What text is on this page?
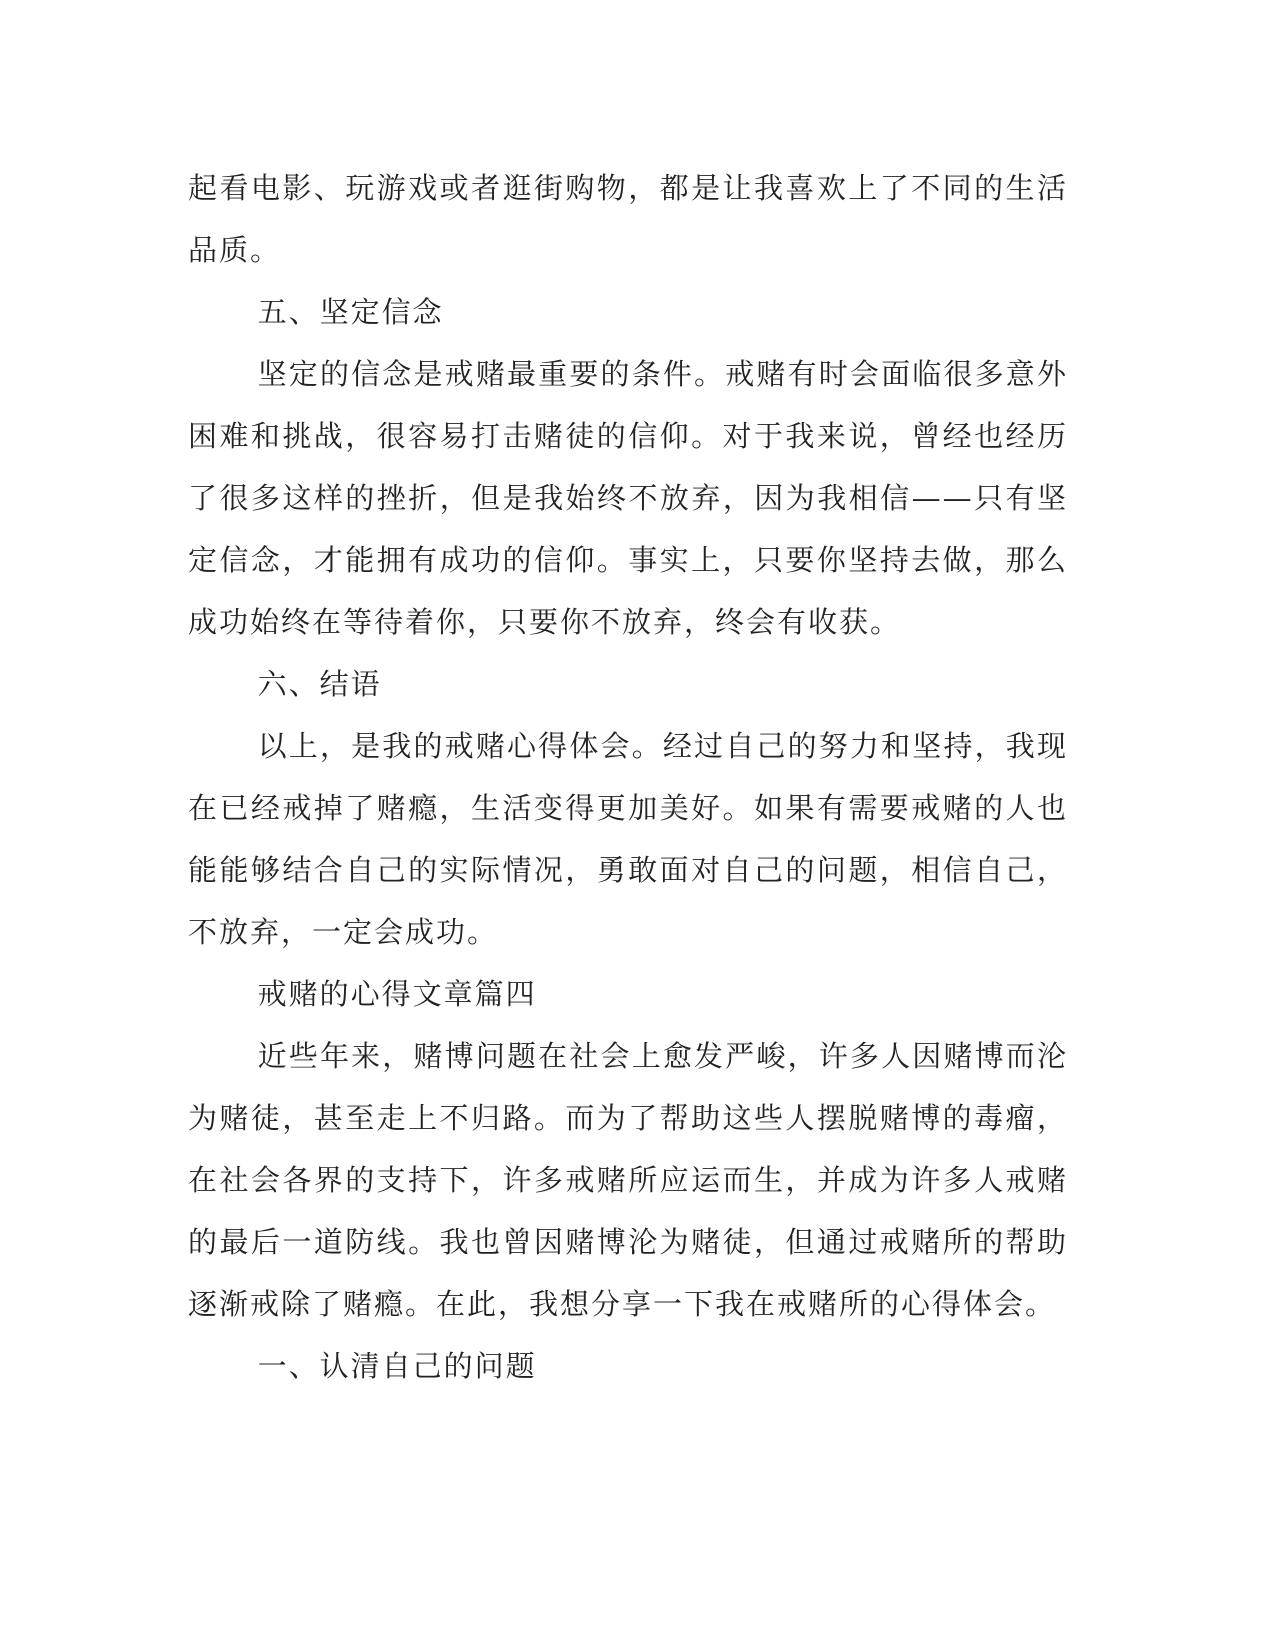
起看电影、玩游戏或者逛街购物，都是让我喜欢上了不同的生活品质。

五、坚定信念

坚定的信念是戒赌最重要的条件。戒赌有时会面临很多意外困难和挑战，很容易打击赌徒的信仰。对于我来说，曾经也经历了很多这样的挫折，但是我始终不放弃，因为我相信——只有坚定信念，才能拥有成功的信仰。事实上，只要你坚持去做，那么成功始终在等待着你，只要你不放弃，终会有收获。

六、结语

以上，是我的戒赌心得体会。经过自己的努力和坚持，我现在已经戒掉了赌瘾，生活变得更加美好。如果有需要戒赌的人也能能够结合自己的实际情况，勇敢面对自己的问题，相信自己，不放弃，一定会成功。

戒赌的心得文章篇四

近些年来，赌博问题在社会上愈发严峻，许多人因赌博而沦为赌徒，甚至走上不归路。而为了帮助这些人摆脱赌博的毒瘤，在社会各界的支持下，许多戒赌所应运而生，并成为许多人戒赌的最后一道防线。我也曾因赌博沦为赌徒，但通过戒赌所的帮助逐渐戒除了赌瘾。在此，我想分享一下我在戒赌所的心得体会。

一、认清自己的问题
